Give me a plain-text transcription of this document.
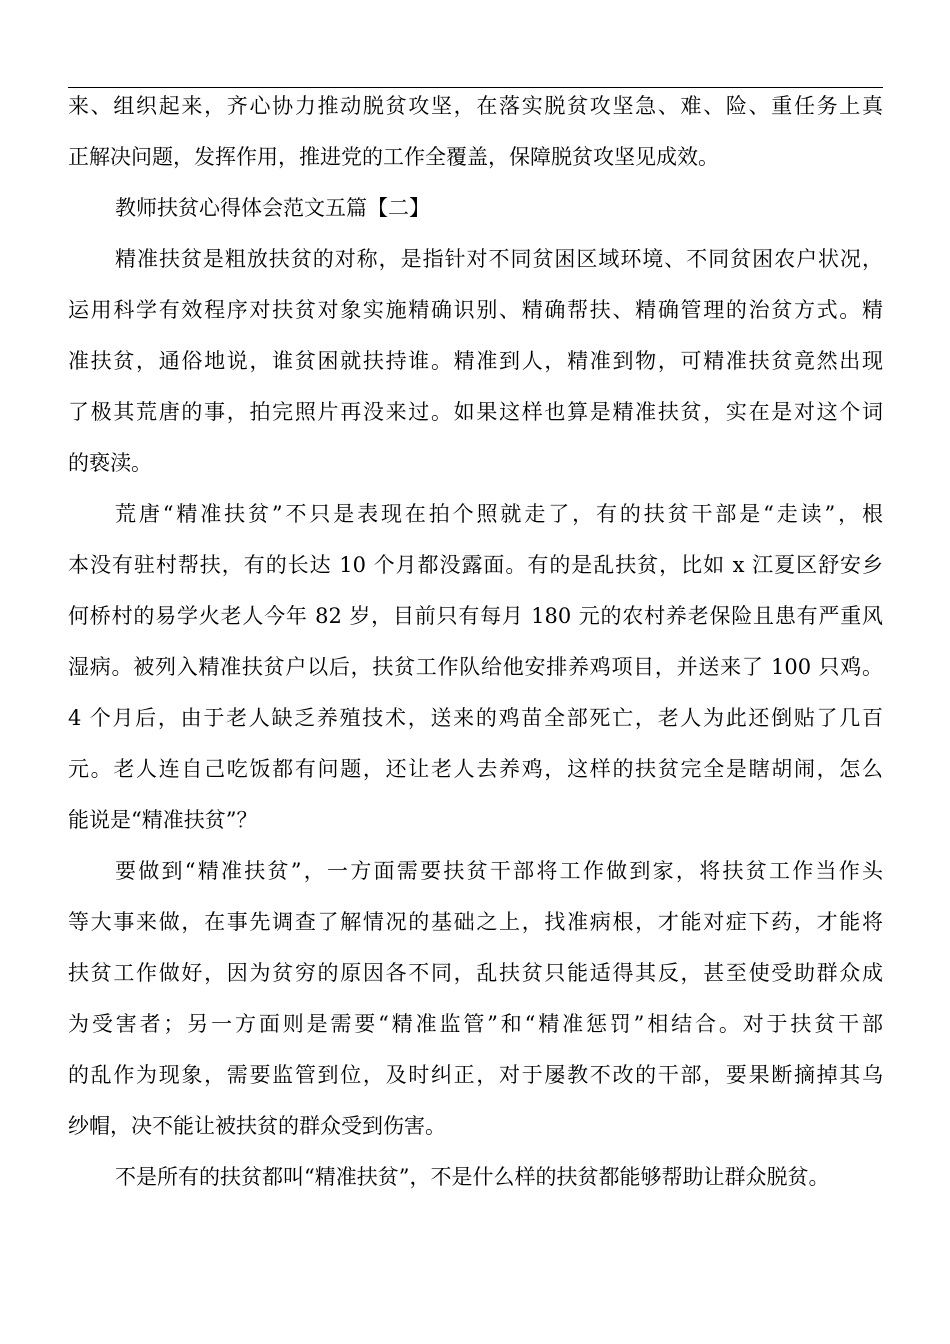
来、组织起来，齐心协力推动脱贫攻坚，在落实脱贫攻坚急、难、险、重任务上真
正解决问题，发挥作用，推进党的工作全覆盖，保障脱贫攻坚见成效。
教师扶贫心得体会范文五篇【二】
精准扶贫是粗放扶贫的对称，是指针对不同贫困区域环境、不同贫困农户状况，
运用科学有效程序对扶贫对象实施精确识别、精确帮扶、精确管理的治贫方式。精
准扶贫，通俗地说，谁贫困就扶持谁。精准到人，精准到物，可精准扶贫竟然出现
了极其荒唐的事，拍完照片再没来过。如果这样也算是精准扶贫，实在是对这个词
的亵渎。
荒唐“精准扶贫”不只是表现在拍个照就走了，有的扶贫干部是“走读”，根
本没有驻村帮扶，有的长达 10 个月都没露面。有的是乱扶贫，比如 x 江夏区舒安乡
何桥村的易学火老人今年 82 岁，目前只有每月 180 元的农村养老保险且患有严重风
湿病。被列入精准扶贫户以后，扶贫工作队给他安排养鸡项目，并送来了 100 只鸡。
4 个月后，由于老人缺乏养殖技术，送来的鸡苗全部死亡，老人为此还倒贴了几百
元。老人连自己吃饭都有问题，还让老人去养鸡，这样的扶贫完全是瞎胡闹，怎么
能说是“精准扶贫”？
要做到“精准扶贫”，一方面需要扶贫干部将工作做到家，将扶贫工作当作头
等大事来做，在事先调查了解情况的基础之上，找准病根，才能对症下药，才能将
扶贫工作做好，因为贫穷的原因各不同，乱扶贫只能适得其反，甚至使受助群众成
为受害者；另一方面则是需要“精准监管”和“精准惩罚”相结合。对于扶贫干部
的乱作为现象，需要监管到位，及时纠正，对于屡教不改的干部，要果断摘掉其乌
纱帽，决不能让被扶贫的群众受到伤害。
不是所有的扶贫都叫“精准扶贫”，不是什么样的扶贫都能够帮助让群众脱贫。
